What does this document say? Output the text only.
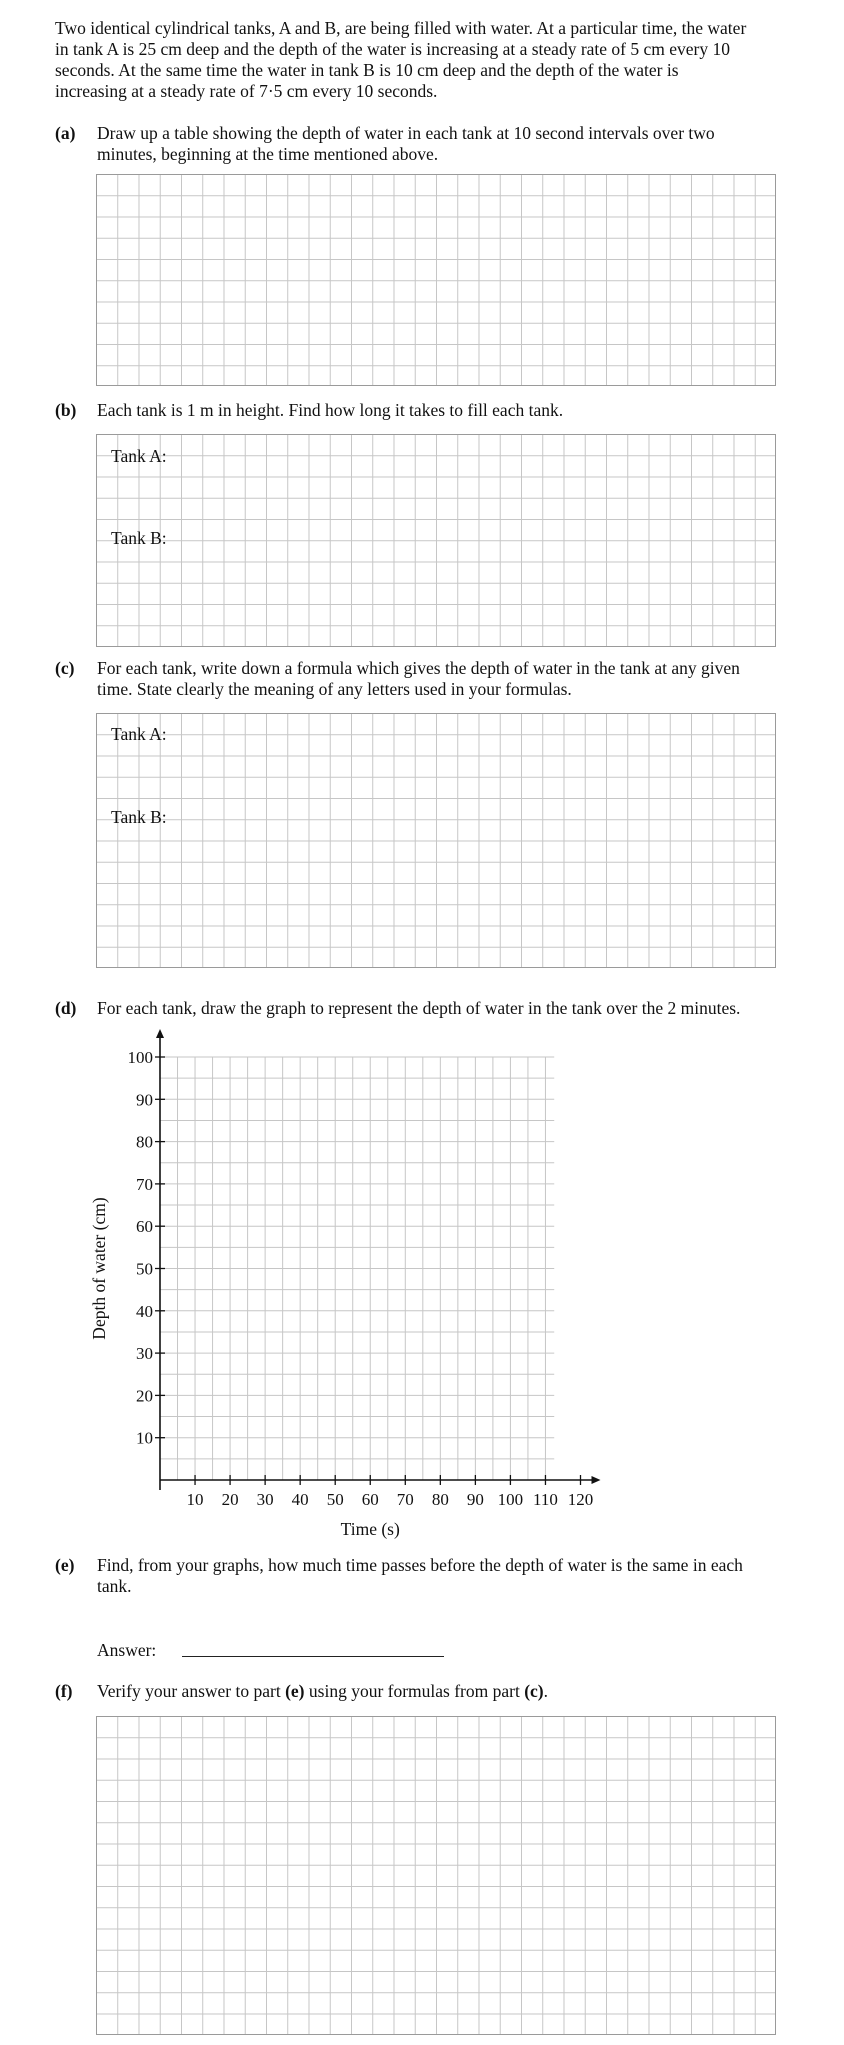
Two identical cylindrical tanks, A and B, are being filled with water. At a particular time, the water

in tank A is 25 cm deep and the depth of the water is increasing at a steady rate of 5 cm every 10

seconds. At the same time the water in tank B is 10 cm deep and the depth of the water is

increasing at a steady rate of 7·5 cm every 10 seconds.

(a) Draw up a table showing the depth of water in each tank at 10 second intervals over two

minutes, beginning at the time mentioned above.

(b) Each tank is 1 m in height. Find how long it takes to fill each tank.

Tank A:
Tank B:
(c) For each tank, write down a formula which gives the depth of water in the tank at any given

time. State clearly the meaning of any letters used in your formulas.

Tank A:
Tank B:
(d) For each tank, draw the graph to represent the depth of water in the tank over the 2 minutes.

10 20 30 40 50 60 70 80 90 100 110 120
10
20
30
40
50
60
70
80
90
100
Time (s)
Depth of water (cm)
(e) Find, from your graphs, how much time passes before the depth of water is the same in each

tank.

Answer:
(f) Verify your answer to part (e) using your formulas from part (c).
